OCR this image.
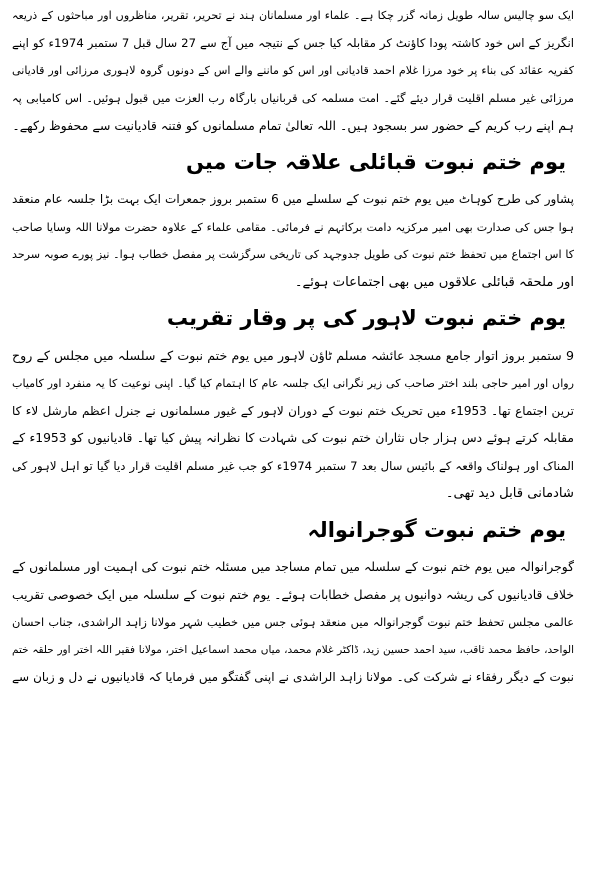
ایک سو چالیس سالہ طویل زمانہ گزر چکا ہے۔ علماء اور مسلمانان ہند نے تحریر، تقریر، مناظروں اور مباحثوں کے ذریعہ
انگریز کے اس خود کاشتہ پودا کاؤنٹ کر مقابلہ کیا جس کے نتیجہ میں آج سے 27 سال قبل 7 ستمبر 1974ء کو اپنے
کفریہ عقائد کی بناء پر خود مرزا غلام احمد قادیانی اور اس کو ماننے والے اس کے دونوں گروہ لاہوری مرزائی اور قادیانی
مرزائی غیر مسلم اقلیت قرار دیئے گئے۔ امت مسلمہ کی قربانیاں بارگاہ رب العزت میں قبول ہوئیں۔ اس کامیابی پہ
ہم اپنے رب کریم کے حضور سر بسجود ہیں۔ اللہ تعالیٰ تمام مسلمانوں کو فتنہ قادیانیت سے محفوظ رکھے۔
یوم ختم نبوت قبائلی علاقہ جات میں
پشاور کی طرح کوہاٹ میں یوم ختم نبوت کے سلسلے میں 6 ستمبر بروز جمعرات ایک بہت بڑا جلسہ عام منعقد
ہوا جس کی صدارت بھی امیر مرکزیہ دامت برکاتہم نے فرمائی۔ مقامی علماء کے علاوہ حضرت مولانا اللہ وسایا صاحب
کا اس اجتماع میں تحفظ ختم نبوت کی طویل جدوجہد کی تاریخی سرگزشت پر مفصل خطاب ہوا۔ نیز پورے صوبہ سرحد
اور ملحقہ قبائلی علاقوں میں بھی اجتماعات ہوئے۔
یوم ختم نبوت لاہور کی پر وقار تقریب
9 ستمبر بروز اتوار جامع مسجد عائشہ مسلم ٹاؤن لاہور میں یوم ختم نبوت کے سلسلہ میں مجلس کے روح
رواں اور امیر حاجی بلند اختر صاحب کی زیر نگرانی ایک جلسہ عام کا اہتمام کیا گیا۔ اپنی نوعیت کا یہ منفرد اور کامیاب
ترین اجتماع تھا۔ 1953ء میں تحریک ختم نبوت کے دوران لاہور کے غیور مسلمانوں نے جنرل اعظم مارشل لاء کا
مقابلہ کرتے ہوئے دس ہزار جاں نثاران ختم نبوت کی شہادت کا نظرانہ پیش کیا تھا۔ قادیانیوں کو 1953ء کے
المناک اور ہولناک واقعہ کے بائیس سال بعد 7 ستمبر 1974ء کو جب غیر مسلم اقلیت قرار دیا گیا تو اہل لاہور کی
شادمانی قابل دید تھی۔
یوم ختم نبوت گوجرانوالہ
گوجرانوالہ میں یوم ختم نبوت کے سلسلہ میں تمام مساجد میں مسئلہ ختم نبوت کی اہمیت اور مسلمانوں کے
خلاف قادیانیوں کی ریشہ دوانیوں پر مفصل خطابات ہوئے۔ یوم ختم نبوت کے سلسلہ میں ایک خصوصی تقریب
عالمی مجلس تحفظ ختم نبوت گوجرانوالہ میں منعقد ہوئی جس میں خطیب شہر مولانا زاہد الراشدی، جناب احسان
الواحد، حافظ محمد ثاقب، سید احمد حسین زید، ڈاکٹر غلام محمد، میاں محمد اسماعیل اختر، مولانا فقیر اللہ اختر اور حلقہ ختم
نبوت کے دیگر رفقاء نے شرکت کی۔ مولانا زاہد الراشدی نے اپنی گفتگو میں فرمایا کہ قادیانیوں نے دل و زبان سے
